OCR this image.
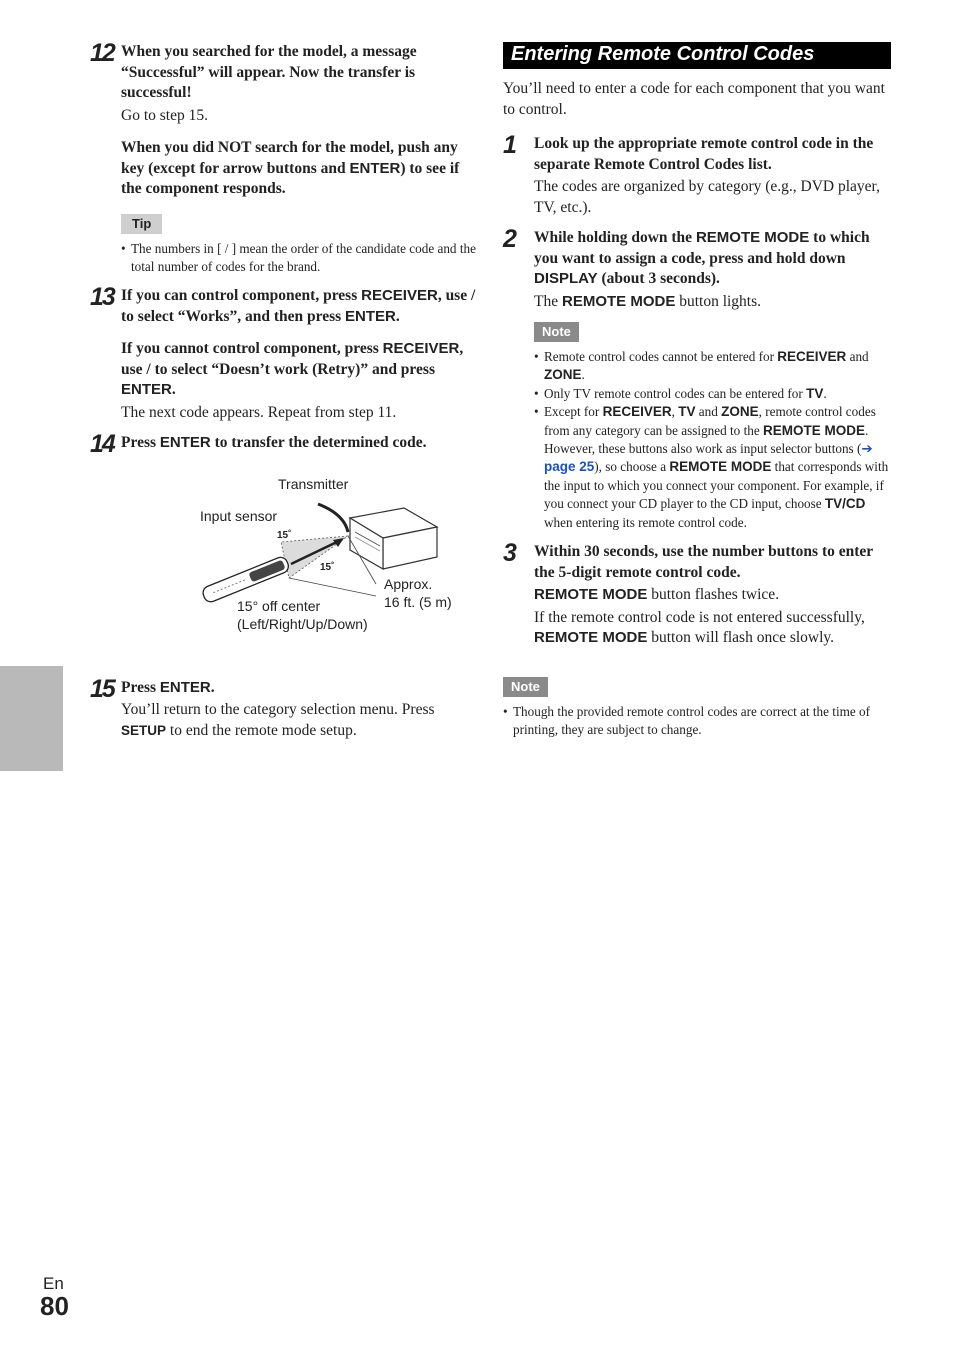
12 When you searched for the model, a message “Successful” will appear. Now the transfer is successful!

Go to step 15.

When you did NOT search for the model, push any key (except for arrow buttons and ENTER) to see if the component responds.
Tip
• The numbers in [ / ] mean the order of the candidate code and the total number of codes for the brand.
13 If you can control component, press RECEIVER, use / to select “Works”, and then press ENTER.
If you cannot control component, press RECEIVER, use / to select “Doesn’t work (Retry)” and press ENTER.

The next code appears. Repeat from step 11.

14 Press ENTER to transfer the determined code.
Transmitter
Input sensor
15˚
15˚
Approx.
16 ft. (5 m)
15° off center
(Left/Right/Up/Down)
15 Press ENTER.

You’ll return to the category selection menu. Press SETUP to end the remote mode setup.

Entering Remote Control Codes

You’ll need to enter a code for each component that you want to control.

1 Look up the appropriate remote control code in the separate Remote Control Codes list.

The codes are organized by category (e.g., DVD player, TV, etc.).

2 While holding down the REMOTE MODE to which you want to assign a code, press and hold down DISPLAY (about 3 seconds).

The REMOTE MODE button lights.

Note
• Remote control codes cannot be entered for RECEIVER and ZONE.
• Only TV remote control codes can be entered for TV.
• Except for RECEIVER, TV and ZONE, remote control codes from any category can be assigned to the REMOTE MODE. However, these buttons also work as input selector buttons (➔ page 25), so choose a REMOTE MODE that corresponds with the input to which you connect your component. For example, if you connect your CD player to the CD input, choose TV/CD when entering its remote control code.
3 Within 30 seconds, use the number buttons to enter the 5-digit remote control code.

REMOTE MODE button flashes twice.

If the remote control code is not entered successfully, REMOTE MODE button will flash once slowly.

Note
• Though the provided remote control codes are correct at the time of printing, they are subject to change.
En
80
